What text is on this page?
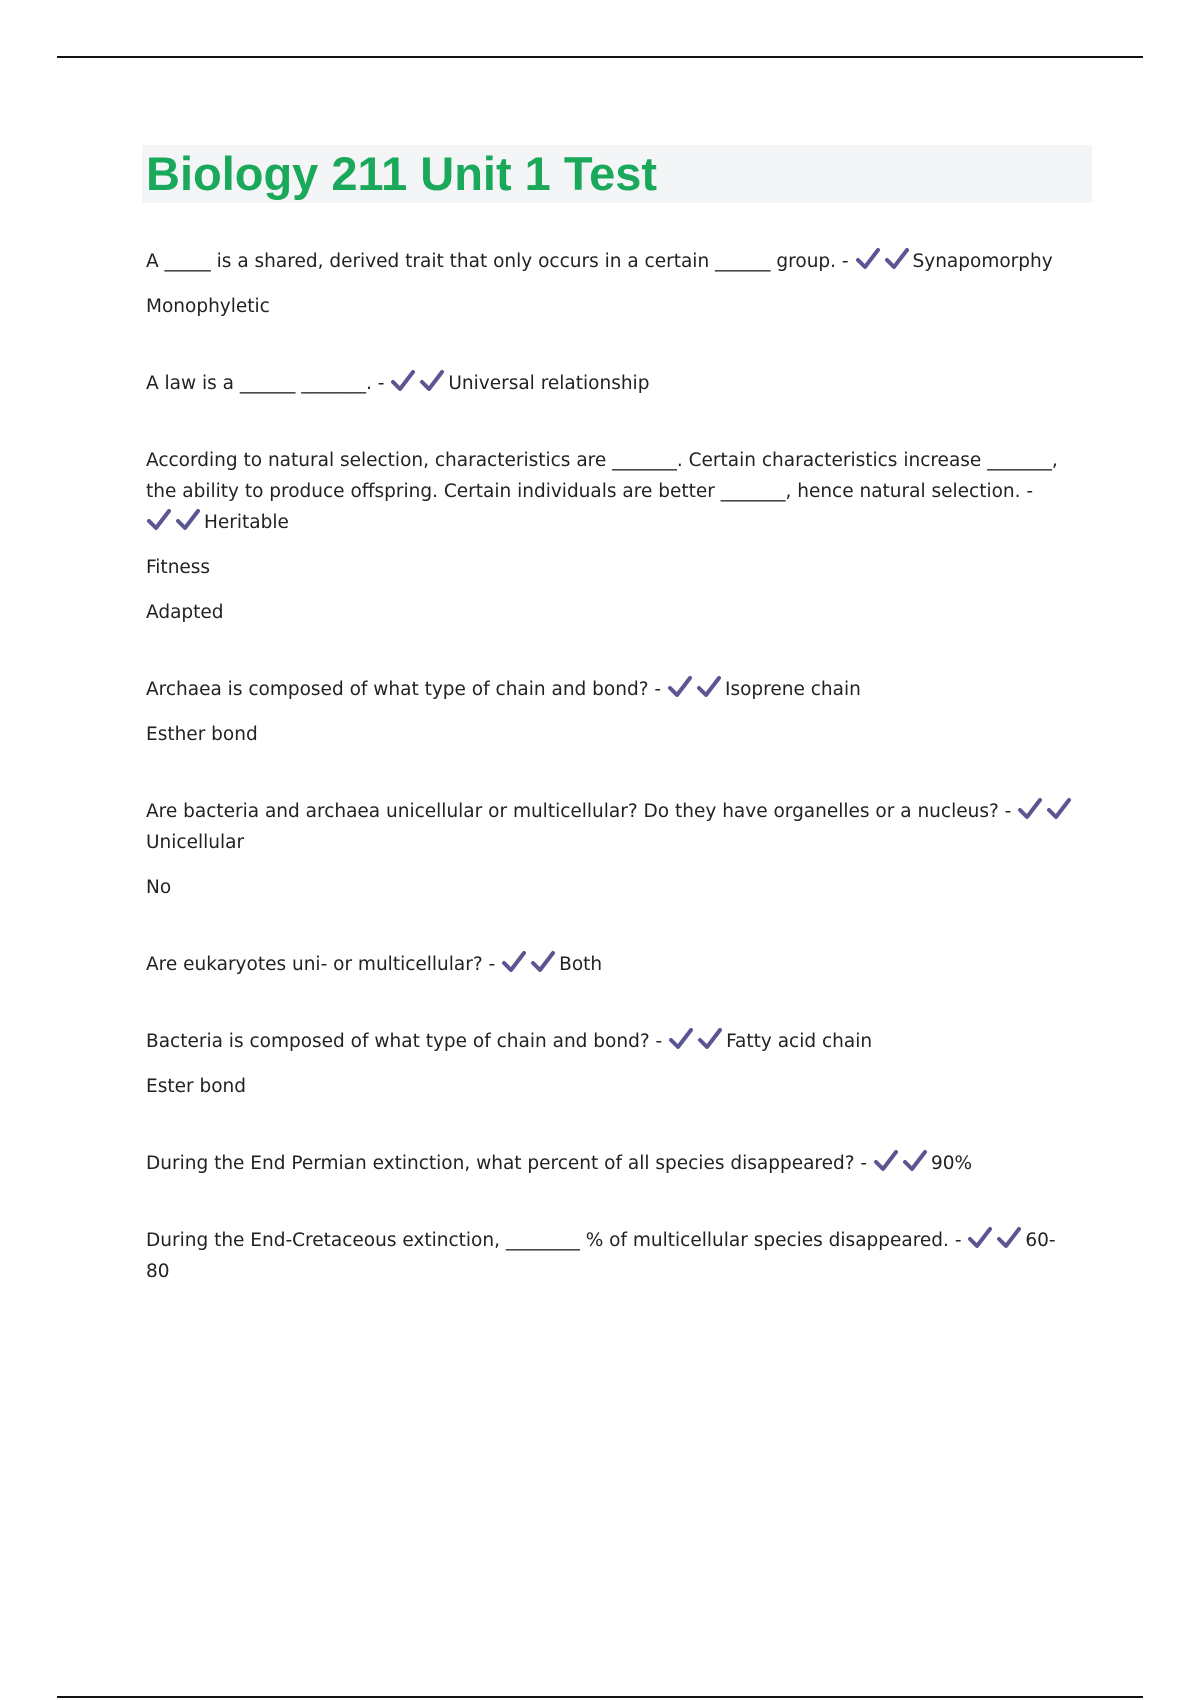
Biology 211 Unit 1 Test
A _____ is a shared, derived trait that only occurs in a certain ______ group. -	Synapomorphy
Monophyletic
A law is a ______ _______. -	Universal relationship
According to natural selection, characteristics are _______. Certain characteristics increase _______, the ability to produce offspring. Certain individuals are better _______, hence natural selection. -
Heritable
Fitness
Adapted
Archaea is composed of what type of chain and bond? -	Isoprene chain
Esther bond
Are bacteria and archaea unicellular or multicellular? Do they have organelles or a nucleus? -
Unicellular
No
Are eukaryotes uni- or multicellular? -	Both
Bacteria is composed of what type of chain and bond? -	Fatty acid chain
Ester bond
During the End Permian extinction, what percent of all species disappeared? -	90%
During the End-Cretaceous extinction, ________ % of multicellular species disappeared. -	60-80
